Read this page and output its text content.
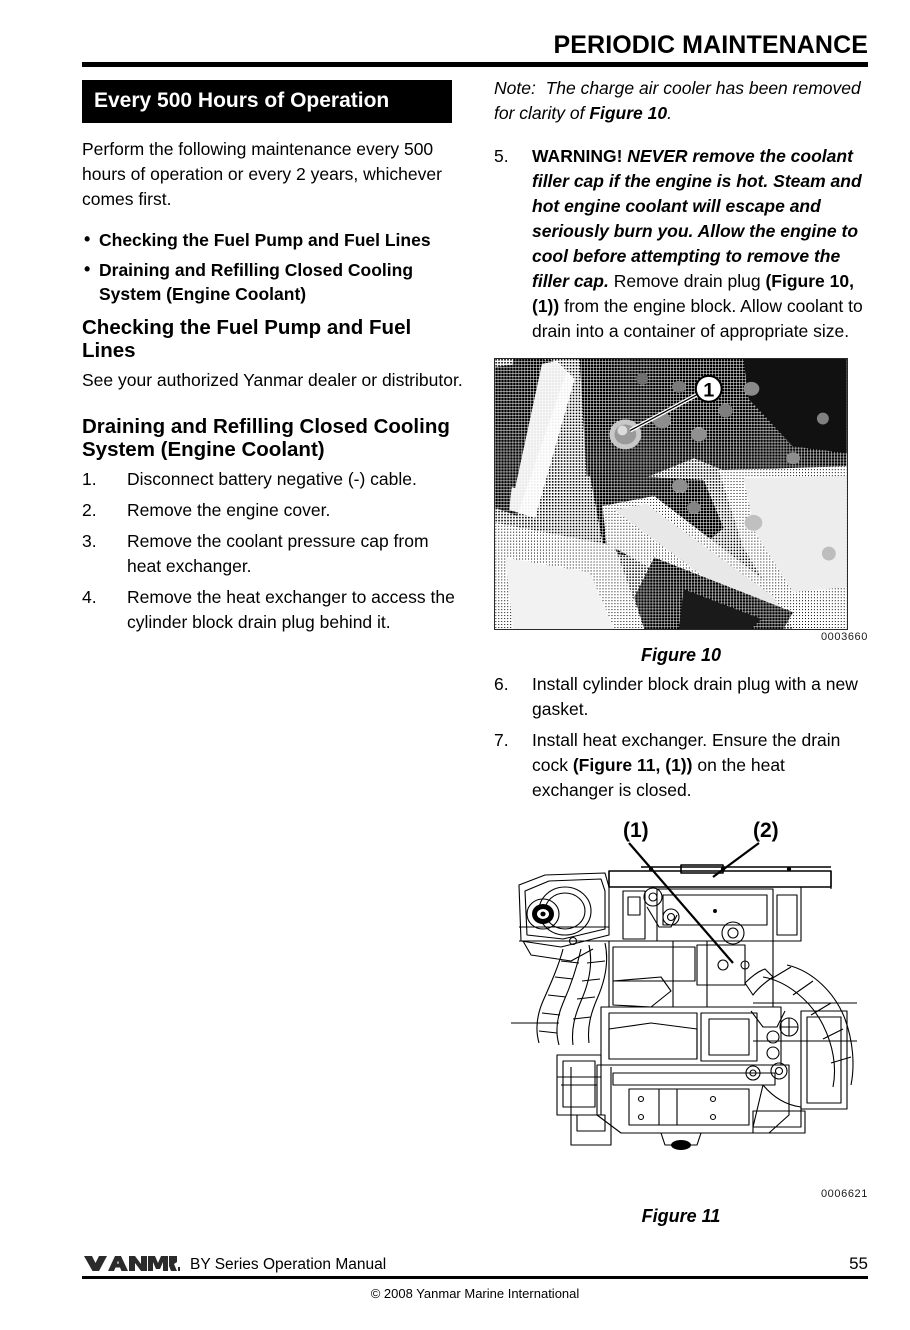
PERIODIC MAINTENANCE
Every 500 Hours of Operation

Perform the following maintenance every 500 hours of operation or every 2 years, whichever comes first.

• Checking the Fuel Pump and Fuel Lines
• Draining and Refilling Closed Cooling System (Engine Coolant)
Checking the Fuel Pump and Fuel Lines

See your authorized Yanmar dealer or distributor.

Draining and Refilling Closed Cooling System (Engine Coolant)
1.	Disconnect battery negative (-) cable.
2.	Remove the engine cover.
3.	Remove the coolant pressure cap from heat exchanger.
4.	Remove the heat exchanger to access the cylinder block drain plug behind it.

Note: The charge air cooler has been removed for clarity of Figure 10.

5. WARNING! NEVER remove the coolant filler cap if the engine is hot. Steam and hot engine coolant will escape and seriously burn you. Allow the engine to cool before attempting to remove the filler cap. Remove drain plug (Figure 10, (1)) from the engine block. Allow coolant to drain into a container of appropriate size.
1
0003660
Figure 10
6.	Install cylinder block drain plug with a new gasket.
7.	Install heat exchanger. Ensure the drain cock (Figure 11, (1)) on the heat exchanger is closed.
(1)	(2)
0006621
Figure 11
BY Series Operation Manual	55
© 2008 Yanmar Marine International
